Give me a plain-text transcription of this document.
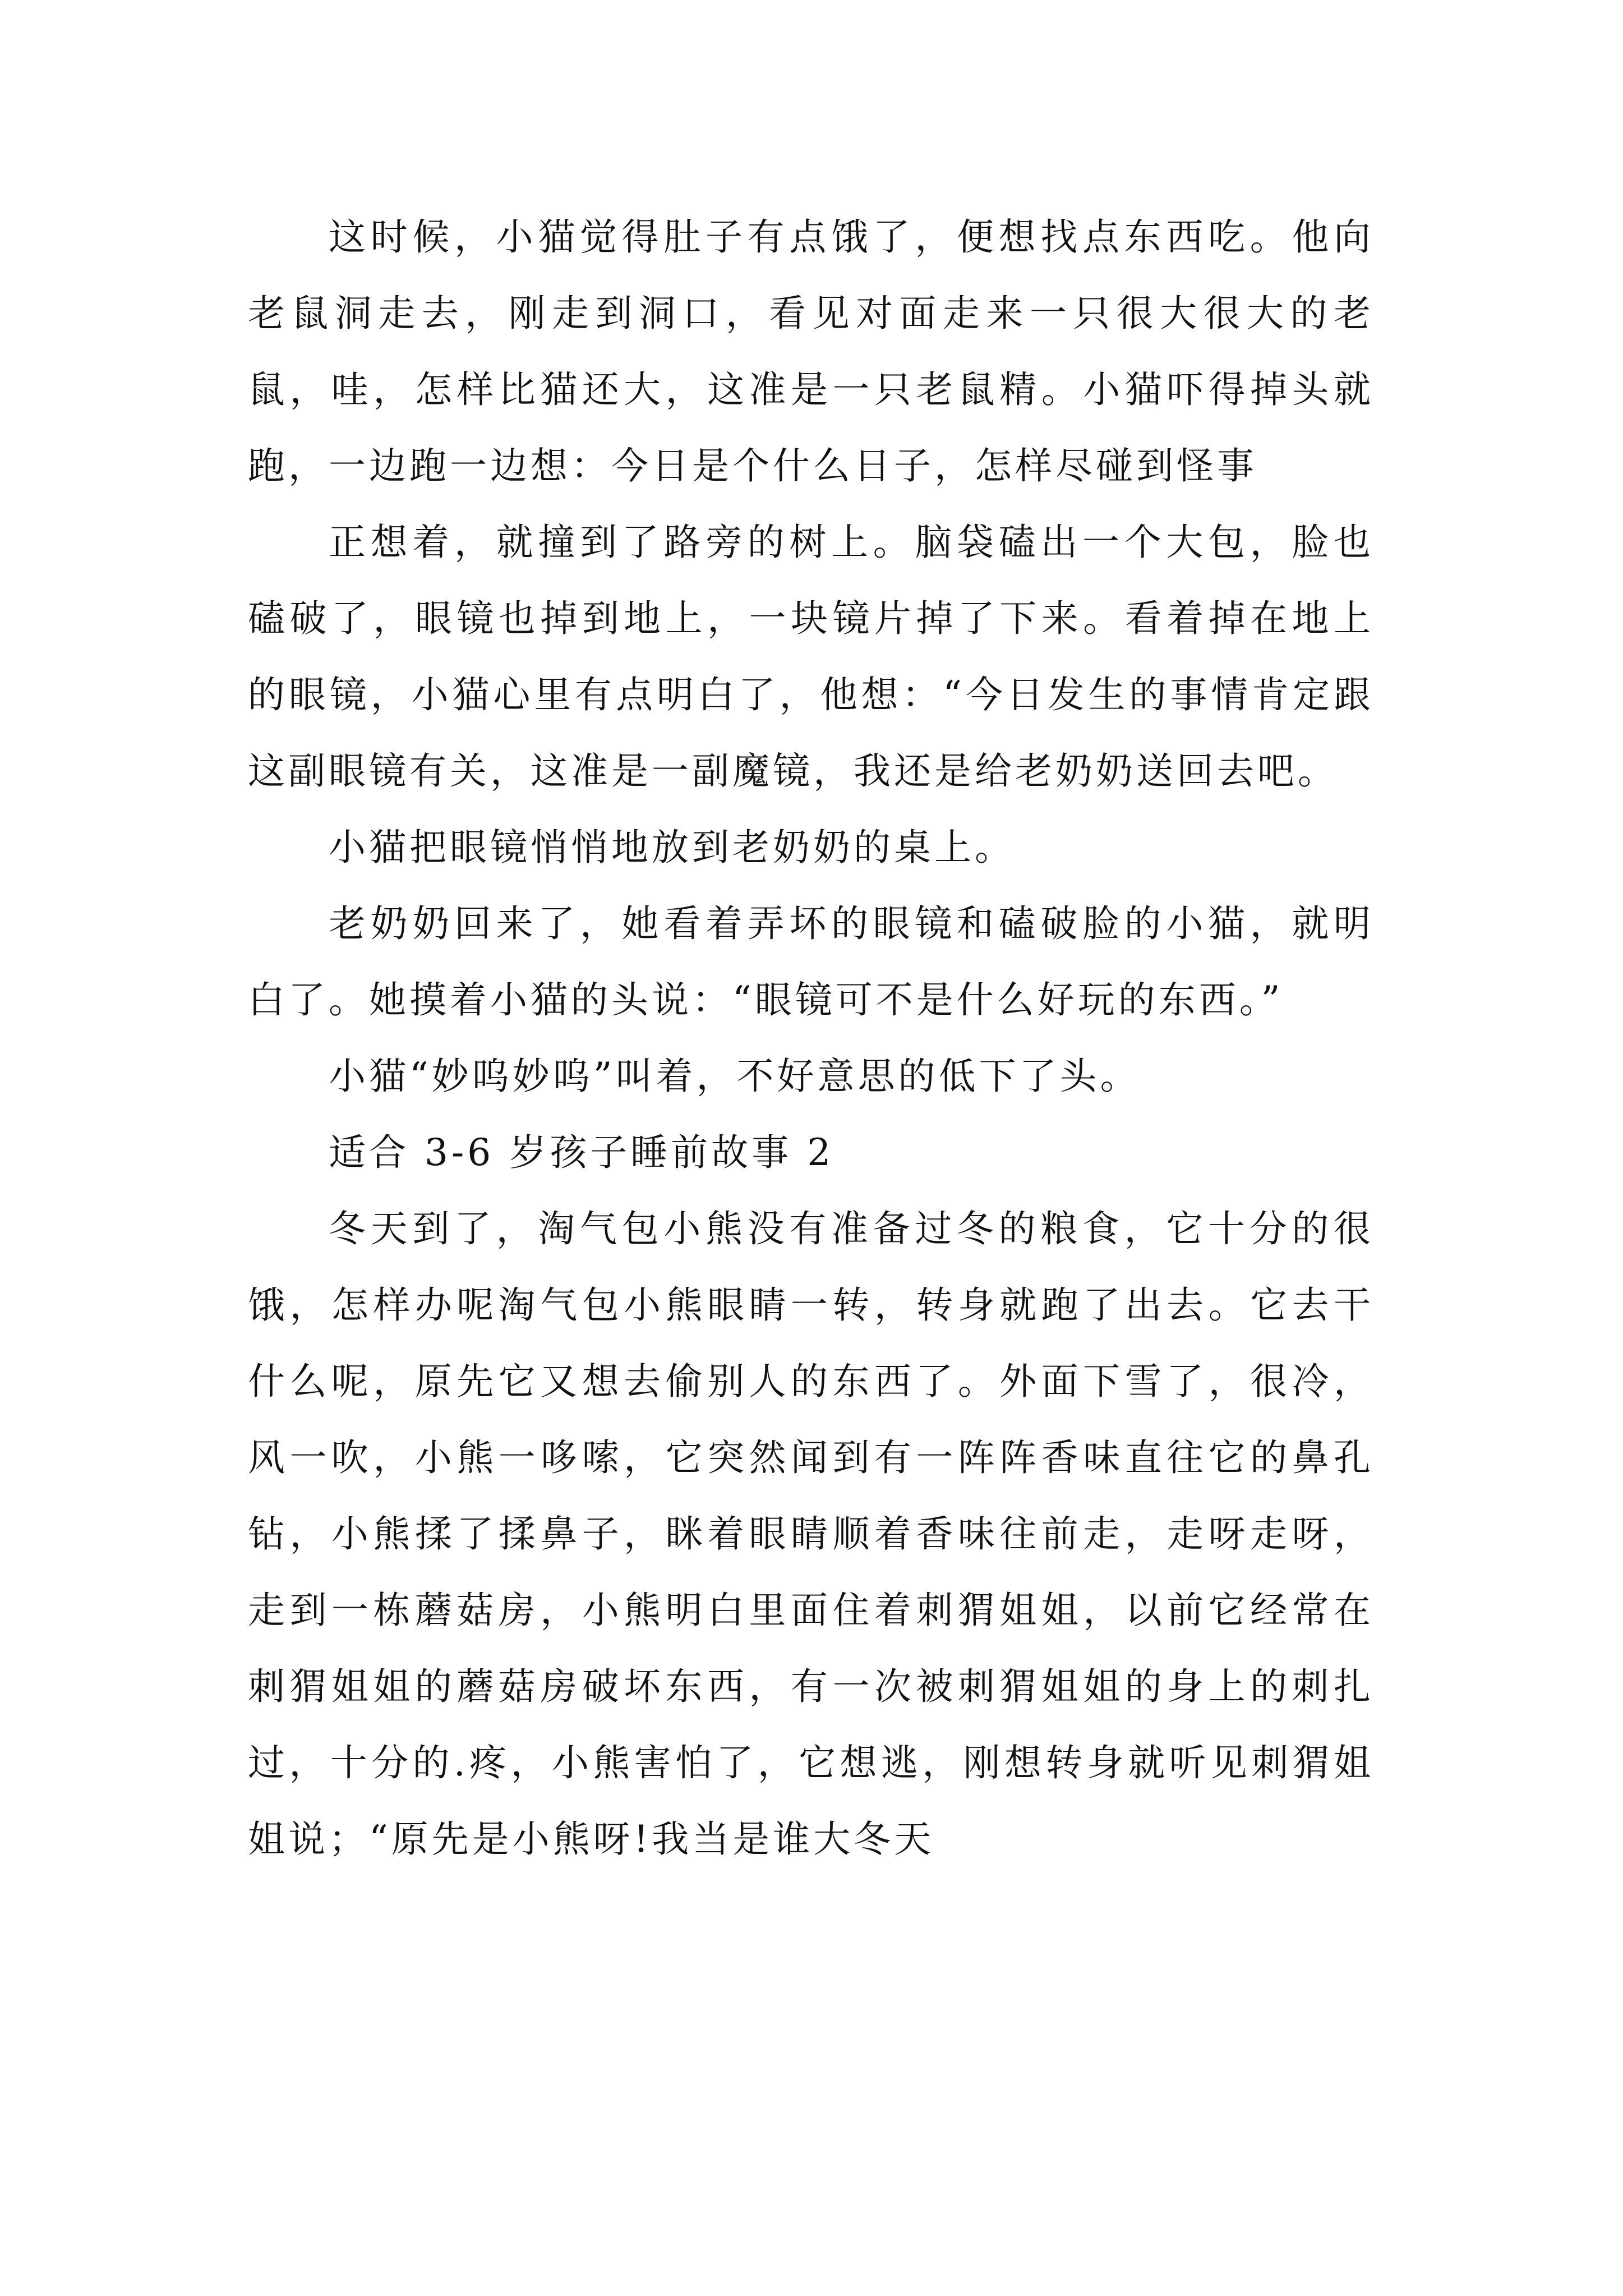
这时候，小猫觉得肚子有点饿了，便想找点东西吃。他向老鼠洞走去，刚走到洞口，看见对面走来一只很大很大的老鼠，哇，怎样比猫还大，这准是一只老鼠精。小猫吓得掉头就跑，一边跑一边想：今日是个什么日子，怎样尽碰到怪事

正想着，就撞到了路旁的树上。脑袋磕出一个大包，脸也磕破了，眼镜也掉到地上，一块镜片掉了下来。看着掉在地上的眼镜，小猫心里有点明白了，他想：“今日发生的事情肯定跟这副眼镜有关，这准是一副魔镜，我还是给老奶奶送回去吧。

小猫把眼镜悄悄地放到老奶奶的桌上。

老奶奶回来了，她看着弄坏的眼镜和磕破脸的小猫，就明白了。她摸着小猫的头说：“眼镜可不是什么好玩的东西。”

小猫“妙呜妙呜”叫着，不好意思的低下了头。

适合 3-6 岁孩子睡前故事 2

冬天到了，淘气包小熊没有准备过冬的粮食，它十分的很饿，怎样办呢淘气包小熊眼睛一转，转身就跑了出去。它去干什么呢，原先它又想去偷别人的东西了。外面下雪了，很冷，风一吹，小熊一哆嗦，它突然闻到有一阵阵香味直往它的鼻孔钻，小熊揉了揉鼻子，眯着眼睛顺着香味往前走，走呀走呀，走到一栋蘑菇房，小熊明白里面住着刺猬姐姐，以前它经常在刺猬姐姐的蘑菇房破坏东西，有一次被刺猬姐姐的身上的刺扎过，十分的.疼，小熊害怕了，它想逃，刚想转身就听见刺猬姐姐说；“原先是小熊呀!我当是谁大冬天
